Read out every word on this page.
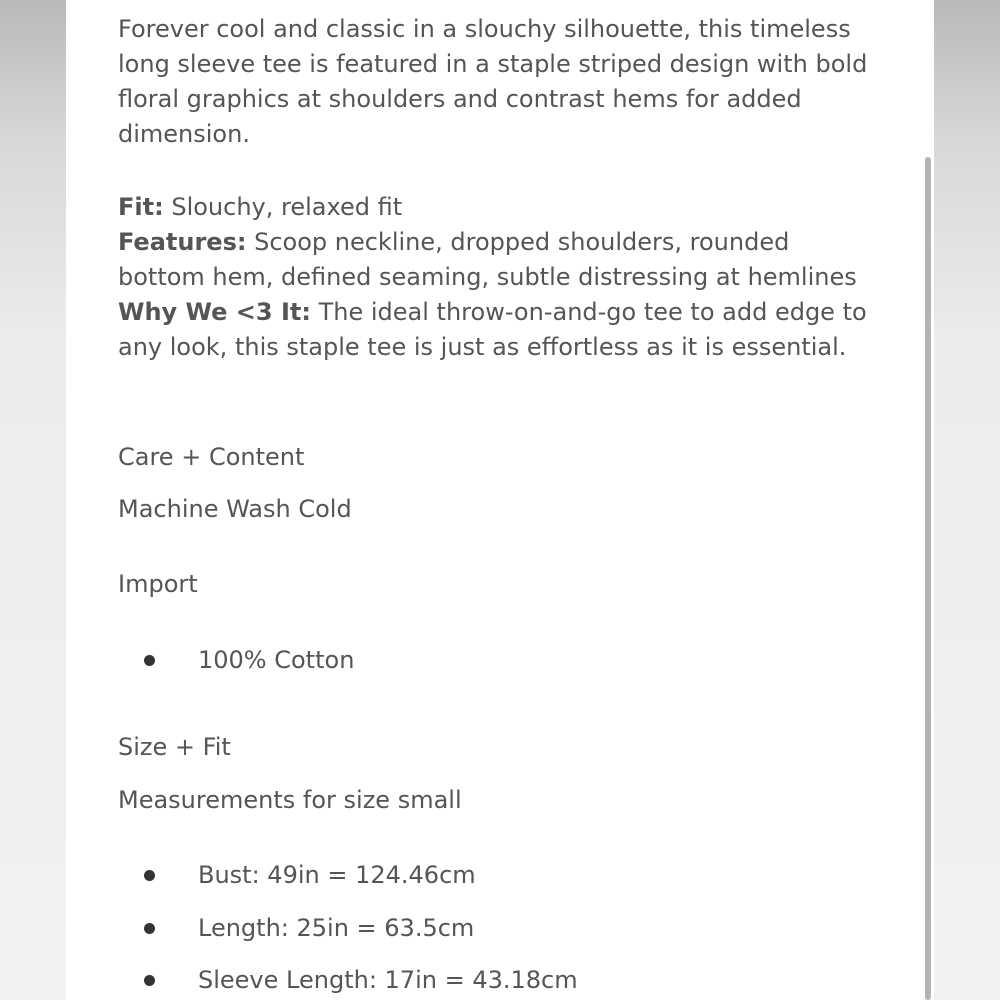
Forever cool and classic in a slouchy silhouette, this timeless
long sleeve tee is featured in a staple striped design with bold
floral graphics at shoulders and contrast hems for added
dimension.
Fit: Slouchy, relaxed fit
Features: Scoop neckline, dropped shoulders, rounded
bottom hem, defined seaming, subtle distressing at hemlines
Why We <3 It: The ideal throw-on-and-go tee to add edge to
any look, this staple tee is just as effortless as it is essential.
Care + Content
Machine Wash Cold
Import
100% Cotton
Size + Fit
Measurements for size small
Bust: 49in = 124.46cm
Length: 25in = 63.5cm
Sleeve Length: 17in = 43.18cm
